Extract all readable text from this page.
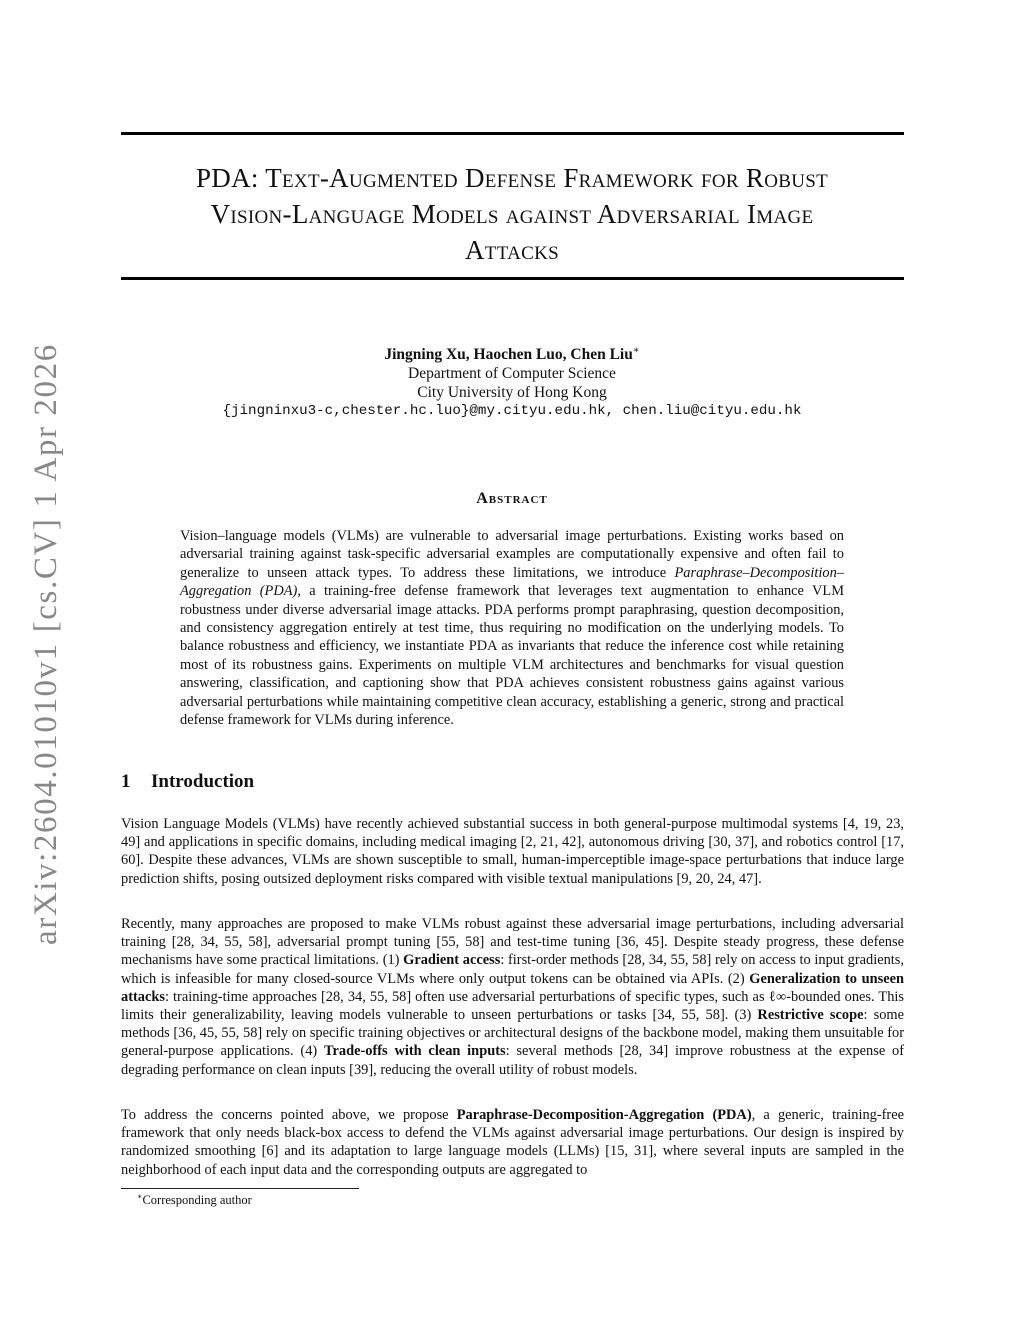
PDA: Text-Augmented Defense Framework for Robust
Vision-Language Models against Adversarial Image
Attacks
arXiv:2604.01010v1 [cs.CV] 1 Apr 2026	Jingning Xu, Haochen Luo, Chen Liu∗
Department of Computer Science
City University of Hong Kong
{jingninxu3-c,chester.hc.luo}@my.cityu.edu.hk, chen.liu@cityu.edu.hk
Abstract
Vision–language models (VLMs) are vulnerable to adversarial image perturbations. Existing works based on adversarial training against task-specific adversarial examples are computationally expensive and often fail to generalize to unseen attack types. To address these limitations, we introduce Paraphrase–Decomposition–Aggregation (PDA), a training-free defense framework that leverages text augmentation to enhance VLM robustness under diverse adversarial image attacks. PDA performs prompt paraphrasing, question decomposition, and consistency aggregation entirely at test time, thus requiring no modification on the underlying models. To balance robustness and efficiency, we instantiate PDA as invariants that reduce the inference cost while retaining most of its robustness gains. Experiments on multiple VLM architectures and benchmarks for visual question answering, classification, and captioning show that PDA achieves consistent robustness gains against various adversarial perturbations while maintaining competitive clean accuracy, establishing a generic, strong and practical defense framework for VLMs during inference.
1 Introduction
Vision Language Models (VLMs) have recently achieved substantial success in both general-purpose multimodal systems [4, 19, 23, 49] and applications in specific domains, including medical imaging [2, 21, 42], autonomous driving [30, 37], and robotics control [17, 60]. Despite these advances, VLMs are shown susceptible to small, human-imperceptible image-space perturbations that induce large prediction shifts, posing outsized deployment risks compared with visible textual manipulations [9, 20, 24, 47].
Recently, many approaches are proposed to make VLMs robust against these adversarial image perturbations, including adversarial training [28, 34, 55, 58], adversarial prompt tuning [55, 58] and test-time tuning [36, 45]. Despite steady progress, these defense mechanisms have some practical limitations. (1) Gradient access: first-order methods [28, 34, 55, 58] rely on access to input gradients, which is infeasible for many closed-source VLMs where only output tokens can be obtained via APIs. (2) Generalization to unseen attacks: training-time approaches [28, 34, 55, 58] often use adversarial perturbations of specific types, such as ℓ∞-bounded ones. This limits their generalizability, leaving models vulnerable to unseen perturbations or tasks [34, 55, 58]. (3) Restrictive scope: some methods [36, 45, 55, 58] rely on specific training objectives or architectural designs of the backbone model, making them unsuitable for general-purpose applications. (4) Trade-offs with clean inputs: several methods [28, 34] improve robustness at the expense of degrading performance on clean inputs [39], reducing the overall utility of robust models.
To address the concerns pointed above, we propose Paraphrase-Decomposition-Aggregation (PDA), a generic, training-free framework that only needs black-box access to defend the VLMs against adversarial image perturbations. Our design is inspired by randomized smoothing [6] and its adaptation to large language models (LLMs) [15, 31], where several inputs are sampled in the neighborhood of each input data and the corresponding outputs are aggregated to
∗Corresponding author
